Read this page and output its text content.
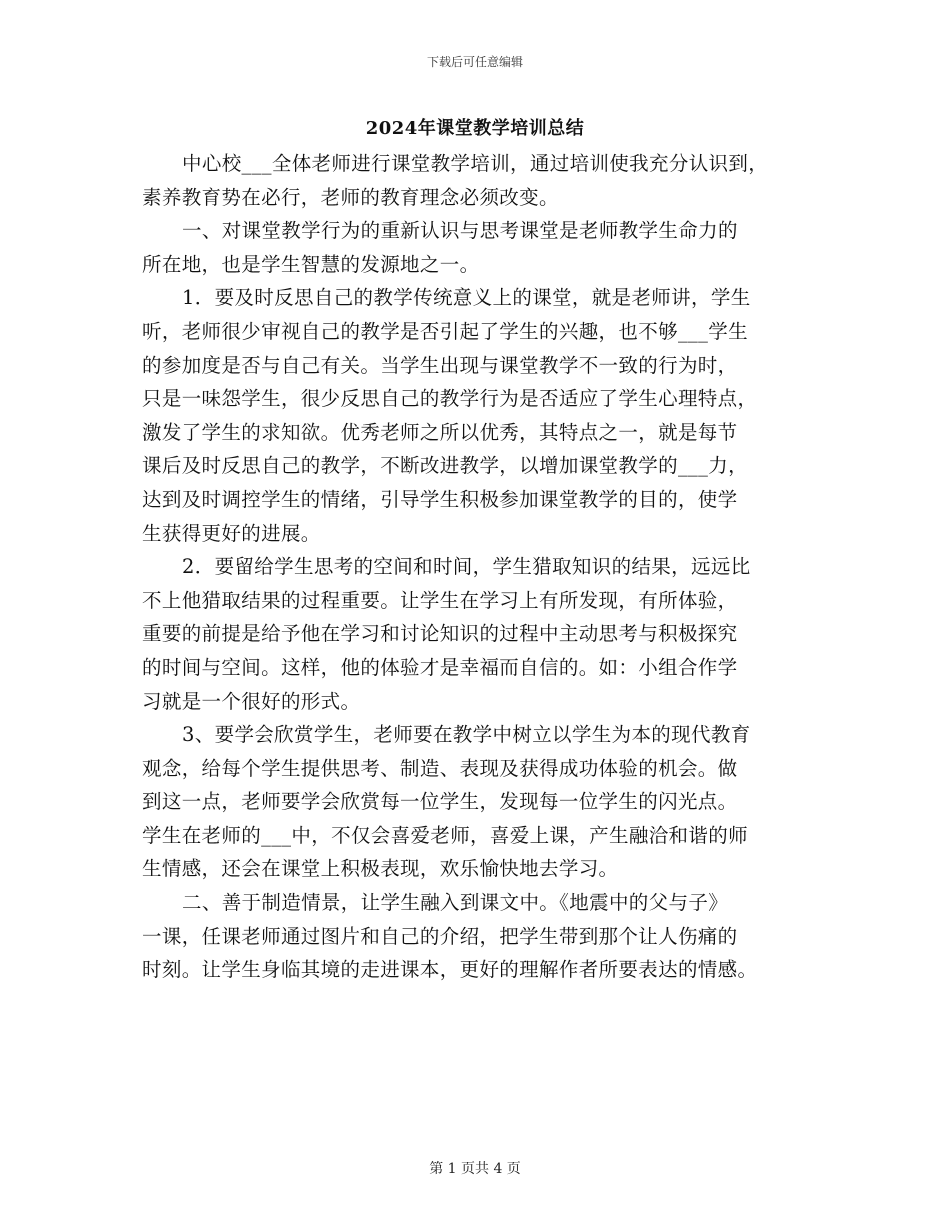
下载后可任意编辑
2024年课堂教学培训总结
中心校___全体老师进行课堂教学培训，通过培训使我充分认识到，
素养教育势在必行，老师的教育理念必须改变。
一、对课堂教学行为的重新认识与思考课堂是老师教学生命力的
所在地，也是学生智慧的发源地之一。
1．要及时反思自己的教学传统意义上的课堂，就是老师讲，学生
听，老师很少审视自己的教学是否引起了学生的兴趣，也不够___学生
的参加度是否与自己有关。当学生出现与课堂教学不一致的行为时，
只是一味怨学生，很少反思自己的教学行为是否适应了学生心理特点，
激发了学生的求知欲。优秀老师之所以优秀，其特点之一，就是每节
课后及时反思自己的教学，不断改进教学，以增加课堂教学的___力，
达到及时调控学生的情绪，引导学生积极参加课堂教学的目的，使学
生获得更好的进展。
2．要留给学生思考的空间和时间，学生猎取知识的结果，远远比
不上他猎取结果的过程重要。让学生在学习上有所发现，有所体验，
重要的前提是给予他在学习和讨论知识的过程中主动思考与积极探究
的时间与空间。这样，他的体验才是幸福而自信的。如：小组合作学
习就是一个很好的形式。
3、要学会欣赏学生，老师要在教学中树立以学生为本的现代教育
观念，给每个学生提供思考、制造、表现及获得成功体验的机会。做
到这一点，老师要学会欣赏每一位学生，发现每一位学生的闪光点。
学生在老师的___中，不仅会喜爱老师，喜爱上课，产生融洽和谐的师
生情感，还会在课堂上积极表现，欢乐愉快地去学习。
二、善于制造情景，让学生融入到课文中。《地震中的父与子》
一课，任课老师通过图片和自己的介绍，把学生带到那个让人伤痛的
时刻。让学生身临其境的走进课本，更好的理解作者所要表达的情感。
第 1 页共 4 页
